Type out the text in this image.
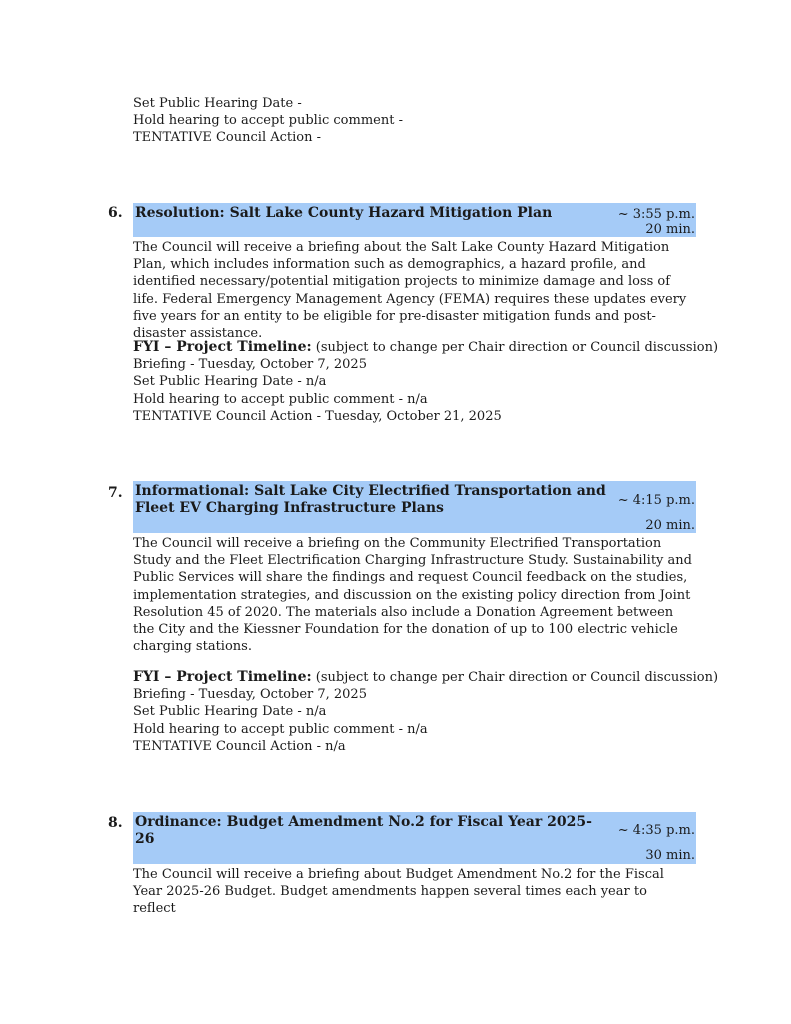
Set Public Hearing Date -
Hold hearing to accept public comment -
TENTATIVE Council Action -
6. Resolution: Salt Lake County Hazard Mitigation Plan	~ 3:55 p.m.
20 min.
The Council will receive a briefing about the Salt Lake County Hazard Mitigation Plan, which includes information such as demographics, a hazard profile, and identified necessary/potential mitigation projects to minimize damage and loss of life. Federal Emergency Management Agency (FEMA) requires these updates every five years for an entity to be eligible for pre-disaster mitigation funds and post-disaster assistance.
FYI – Project Timeline: (subject to change per Chair direction or Council discussion)
Briefing - Tuesday, October 7, 2025
Set Public Hearing Date - n/a
Hold hearing to accept public comment - n/a
TENTATIVE Council Action - Tuesday, October 21, 2025
7. Informational: Salt Lake City Electrified Transportation and
Fleet EV Charging Infrastructure Plans	~ 4:15 p.m.
20 min.
The Council will receive a briefing on the Community Electrified Transportation Study and the Fleet Electrification Charging Infrastructure Study. Sustainability and Public Services will share the findings and request Council feedback on the studies, implementation strategies, and discussion on the existing policy direction from Joint Resolution 45 of 2020. The materials also include a Donation Agreement between the City and the Kiessner Foundation for the donation of up to 100 electric vehicle charging stations.
FYI – Project Timeline: (subject to change per Chair direction or Council discussion)
Briefing - Tuesday, October 7, 2025
Set Public Hearing Date - n/a
Hold hearing to accept public comment - n/a
TENTATIVE Council Action - n/a
8. Ordinance: Budget Amendment No.2 for Fiscal Year 2025-
26
~ 4:35 p.m.
30 min.
The Council will receive a briefing about Budget Amendment No.2 for the Fiscal Year 2025-26 Budget. Budget amendments happen several times each year to reflect
